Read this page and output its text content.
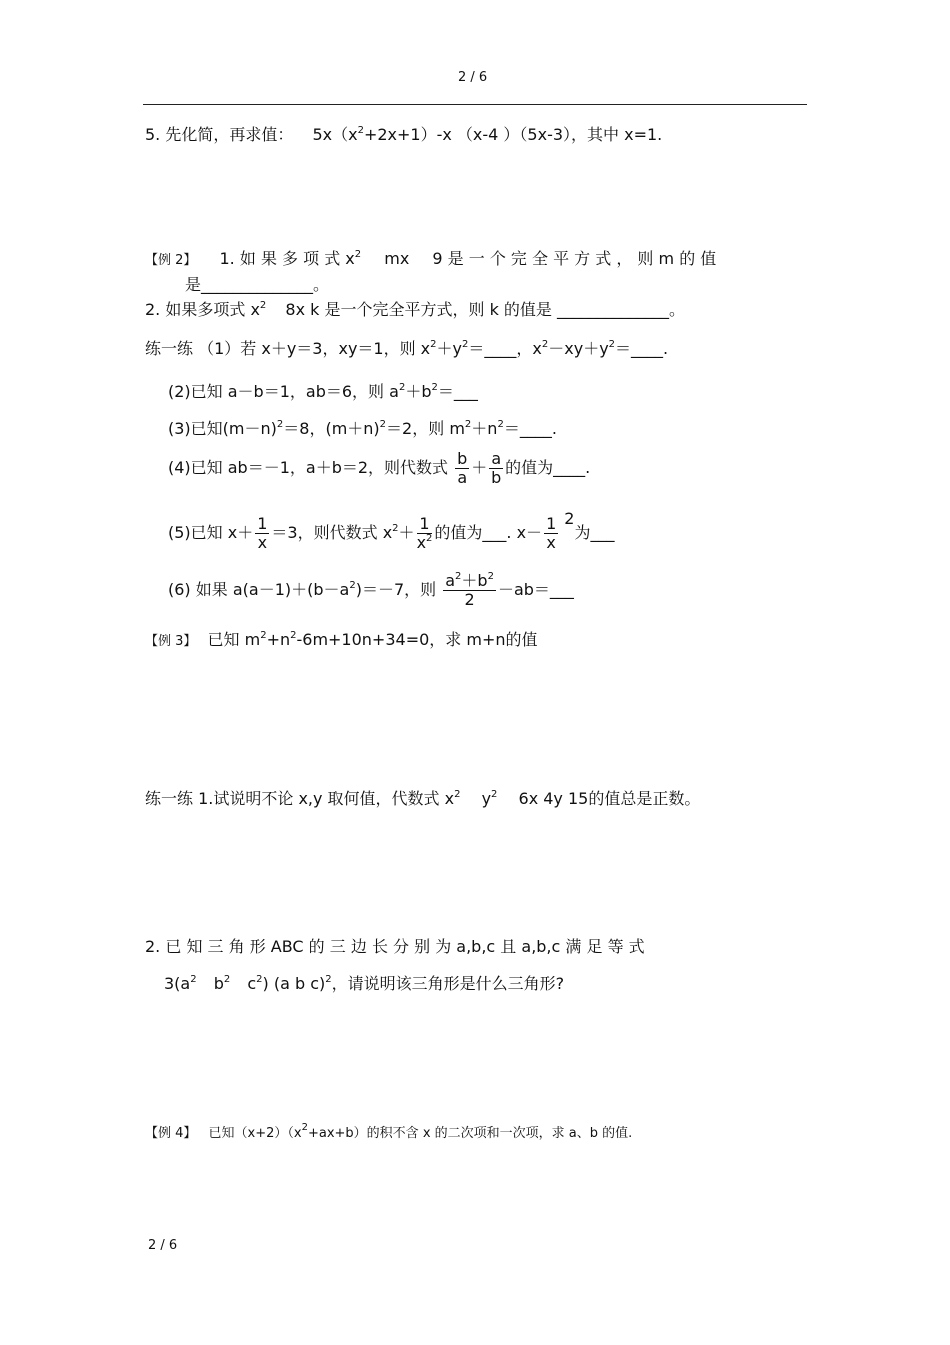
2 / 6
5. 先化简，再求值： $5x(x^2+2x+1)-x$ （x-4 ）（5x-3），其中 x=1.
【例 2】 1. 如 果 多 项 式 $x^2$ mx 9 是 一 个 完 全 平 方 式 ， 则 m 的 值
是______________。
2. 如果多项式 $x^2$ 8x k 是一个完全平方式，则 k 的值是 ______________。
练一练 （1）若 x＋y＝3，xy＝1，则 $x^2+y^2=\_\_\_\_$，$x^2-xy+y^2=\_\_\_\_$.
(2)已知 a－b＝1，ab＝6，则 $a^2+b^2=\_\_\_$
(3)已知$(m-n)^2=8$，$(m+n)^2=2$，则 $m^2+n^2=\_\_\_\_$.
(4)已知 ab＝－1，a＋b＝2，则代数式 $\frac{b}{a} + \frac{a}{b}$ 的值为____.
(5)已知 $x+ \frac{1}{x} =3$，则代数式 $x^2+ \frac{1}{x^2}$ 的值为___. $x- \frac{1}{x} 2$为___
(6) 如果 $a(a-1)+(b-a^2)=-7$，则 $\frac{a^2+b^2}{2}$ －ab＝___
【例 3】 已知 $m^2+n^2-6m+10n+34=0$，求 m+n的值
练一练 1.试说明不论 x,y 取何值，代数式 $x^2$ $y^2$ 6x 4y 15的值总是正数。
2. 已 知 三 角 形 ABC 的 三 边 长 分 别 为 a,b,c 且 a,b,c 满 足 等 式
$3(a^2$ $b^2$ $c^2$) (a b c)$^2$，请说明该三角形是什么三角形?
【例 4】 已知$(x+2)(x^2+ax+b)$的积不含 x 的二次项和一次项，求 a、b 的值.
2 / 6
